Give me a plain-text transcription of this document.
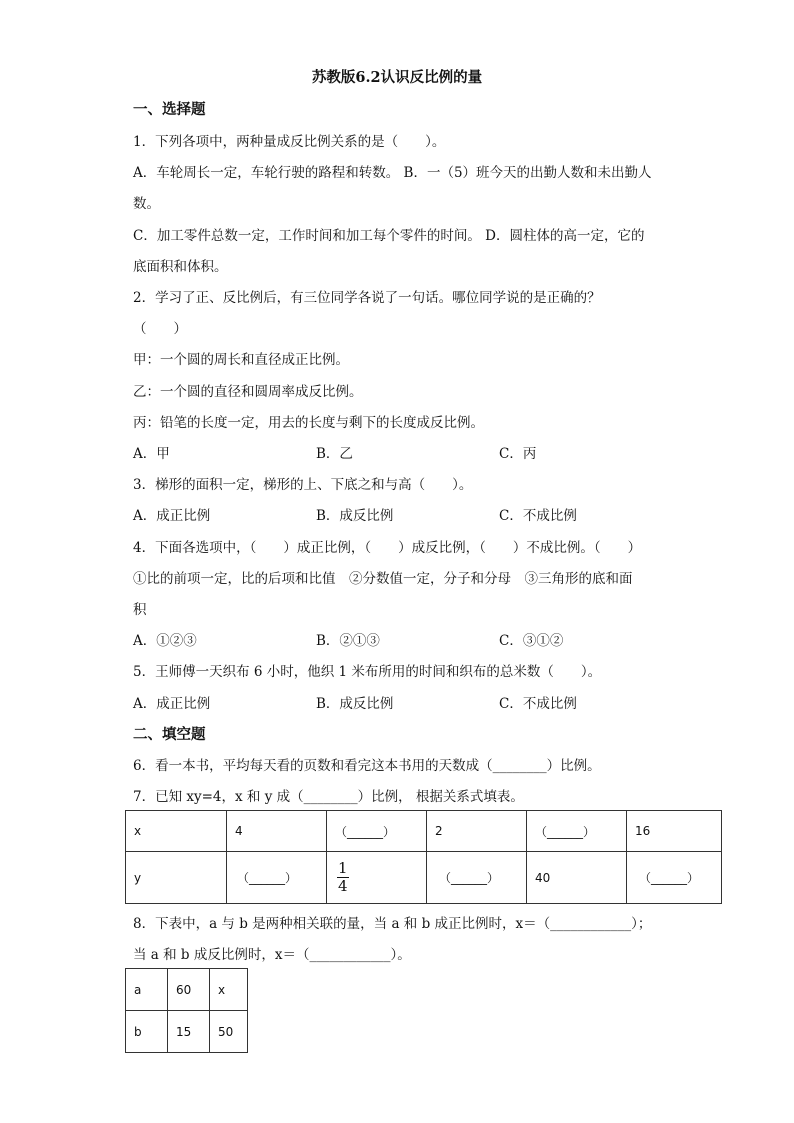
苏教版6.2认识反比例的量
一、选择题
1．下列各项中，两种量成反比例关系的是（　　）。
A．车轮周长一定，车轮行驶的路程和转数。 B．一（5）班今天的出勤人数和未出勤人
数。
C．加工零件总数一定，工作时间和加工每个零件的时间。 D．圆柱体的高一定，它的
底面积和体积。
2．学习了正、反比例后，有三位同学各说了一句话。哪位同学说的是正确的？
（　　）
甲：一个圆的周长和直径成正比例。
乙：一个圆的直径和圆周率成反比例。
丙：铅笔的长度一定，用去的长度与剩下的长度成反比例。
A．甲	B．乙	C．丙
3．梯形的面积一定，梯形的上、下底之和与高（　　）。
A．成正比例	B．成反比例	C．不成比例
4．下面各选项中，（　　）成正比例，（　　）成反比例，（　　）不成比例。（　　）
①比的前项一定，比的后项和比值　②分数值一定，分子和分母　③三角形的底和面
积
A．①②③	B．②①③	C．③①②
5．王师傅一天织布 6 小时，他织 1 米布所用的时间和织布的总米数（　　）。
A．成正比例	B．成反比例	C．不成比例
二、填空题
6．看一本书，平均每天看的页数和看完这本书用的天数成（________）比例。
7．已知 xy=4，x 和 y 成（________）比例， 根据关系式填表。
x	4	（______）	2	（______）	16
y	（______）	$\frac{1}{4}$	（______）	40	（______）
8．下表中，a 与 b 是两种相关联的量，当 a 和 b 成正比例时，x＝（____________）；
当 a 和 b 成反比例时，x＝（____________）。
a	60	x
b	15	50
